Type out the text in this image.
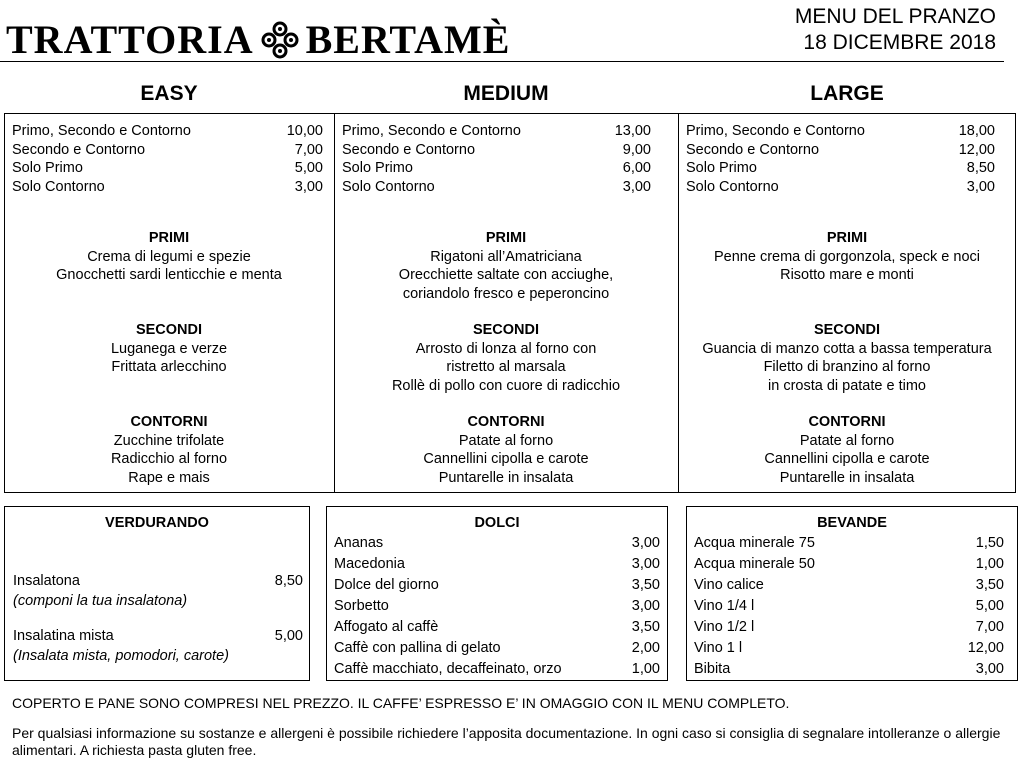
TRATTORIA BERTAMÈ
MENU DEL PRANZO
18 DICEMBRE 2018
EASY	MEDIUM	LARGE
Primo, Secondo e Contorno	10,00
Secondo e Contorno	7,00
Solo Primo	5,00
Solo Contorno	3,00
PRIMI
Crema di legumi e spezie
Gnocchetti sardi lenticchie e menta
SECONDI
Luganega e verze
Frittata arlecchino
CONTORNI
Zucchine trifolate
Radicchio al forno
Rape e mais
Primo, Secondo e Contorno	13,00
Secondo e Contorno	9,00
Solo Primo	6,00
Solo Contorno	3,00
PRIMI
Rigatoni all’Amatriciana
Orecchiette saltate con acciughe,
coriandolo fresco e peperoncino
SECONDI
Arrosto di lonza al forno con
ristretto al marsala
Rollè di pollo con cuore di radicchio
CONTORNI
Patate al forno
Cannellini cipolla e carote
Puntarelle in insalata
Primo, Secondo e Contorno	18,00
Secondo e Contorno	12,00
Solo Primo	8,50
Solo Contorno	3,00
PRIMI
Penne crema di gorgonzola, speck e noci
Risotto mare e monti
SECONDI
Guancia di manzo cotta a bassa temperatura
Filetto di branzino al forno
in crosta di patate e timo
CONTORNI
Patate al forno
Cannellini cipolla e carote
Puntarelle in insalata
VERDURANDO
Insalatona	8,50
(componi la tua insalatona)
Insalatina mista	5,00
(Insalata mista, pomodori, carote)
DOLCI
Ananas	3,00
Macedonia	3,00
Dolce del giorno	3,50
Sorbetto	3,00
Affogato al caffè	3,50
Caffè con pallina di gelato	2,00
Caffè macchiato, decaffeinato, orzo	1,00
BEVANDE
Acqua minerale 75	1,50
Acqua minerale 50	1,00
Vino calice	3,50
Vino 1/4 l	5,00
Vino 1/2 l	7,00
Vino 1 l	12,00
Bibita	3,00
COPERTO E PANE SONO COMPRESI NEL PREZZO. IL CAFFE’ ESPRESSO E’ IN OMAGGIO CON IL MENU COMPLETO.
Per qualsiasi informazione su sostanze e allergeni è possibile richiedere l’apposita documentazione. In ogni caso si consiglia di segnalare intolleranze o allergie alimentari. A richiesta pasta gluten free.
